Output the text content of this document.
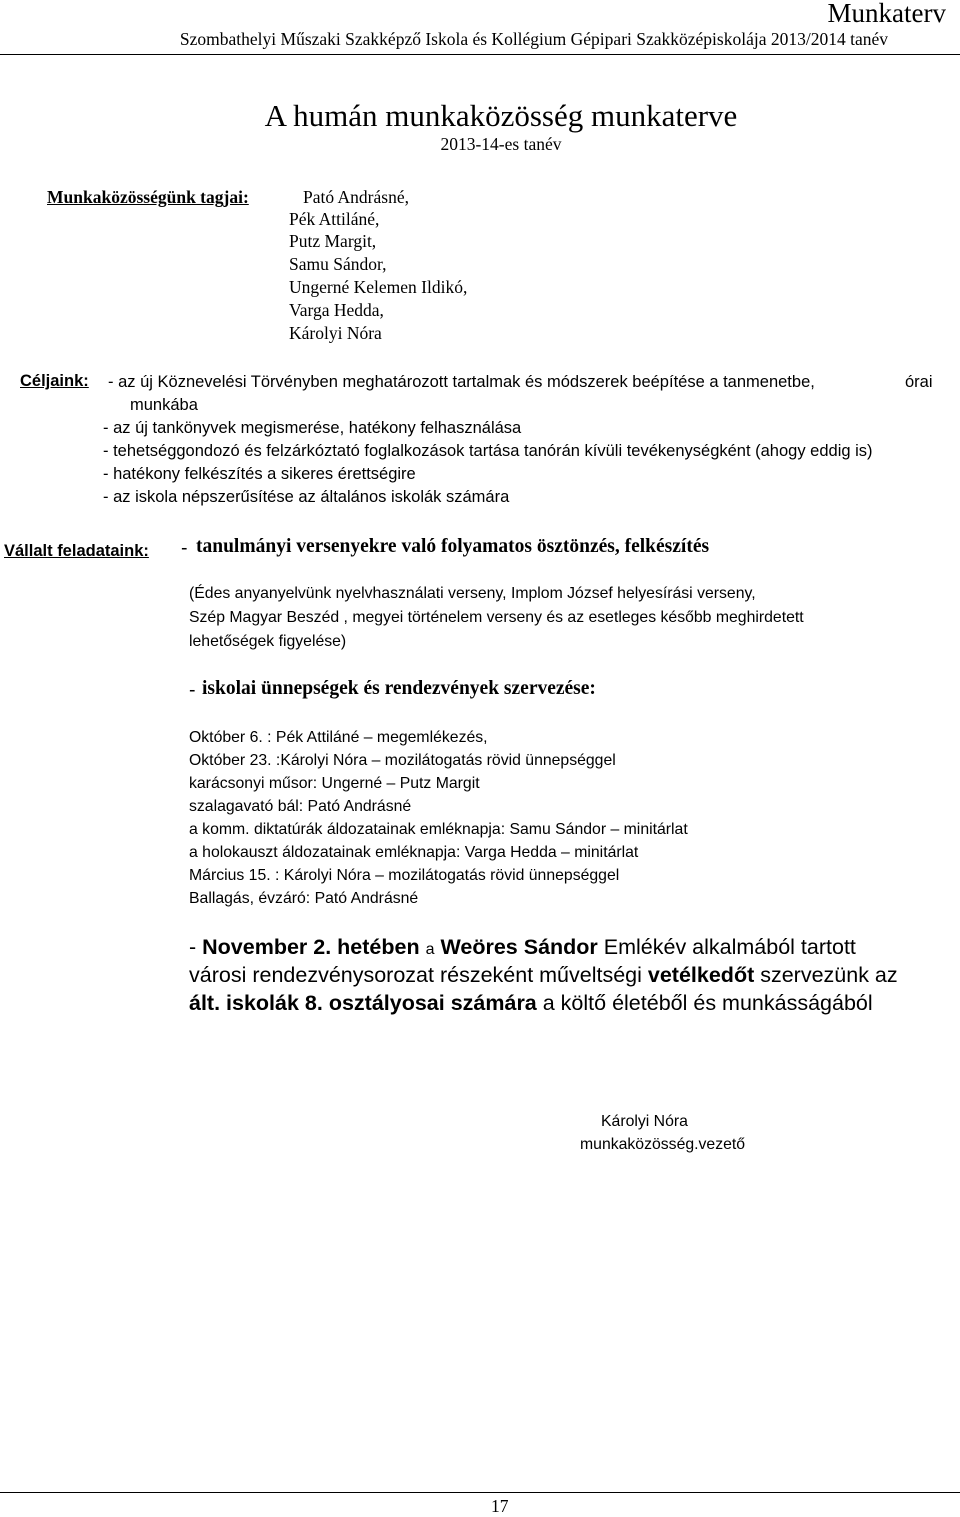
Munkaterv
Szombathelyi Műszaki Szakképző Iskola és Kollégium Gépipari Szakközépiskolája 2013/2014 tanév
A humán munkaközösség munkaterve
2013-14-es tanév
Munkaközösségünk tagjai:	Pató Andrásné,
Pék Attiláné,
Putz Margit,
Samu Sándor,
Ungerné Kelemen Ildikó,
Varga Hedda,
Károlyi Nóra
Céljaink: - az új Köznevelési Törvényben meghatározott tartalmak és módszerek beépítése a tanmenetbe,	órai
munkába
- az új tankönyvek megismerése, hatékony felhasználása
- tehetséggondozó és felzárkóztató foglalkozások tartása tanórán kívüli tevékenységként (ahogy eddig is)
- hatékony felkészítés a sikeres érettségire
- az iskola népszerűsítése az általános iskolák számára
Vállalt feladataink: - tanulmányi versenyekre való folyamatos ösztönzés, felkészítés
(Édes anyanyelvünk nyelvhasználati verseny, Implom József helyesírási verseny,
Szép Magyar Beszéd , megyei történelem verseny és az esetleges később meghirdetett
lehetőségek figyelése)
- iskolai ünnepségek és rendezvények szervezése:
Október 6. : Pék Attiláné – megemlékezés,
Október 23. :Károlyi Nóra – mozilátogatás rövid ünnepséggel
karácsonyi műsor: Ungerné – Putz Margit
szalagavató bál: Pató Andrásné
a komm. diktatúrák áldozatainak emléknapja: Samu Sándor – minitárlat
a holokauszt áldozatainak emléknapja: Varga Hedda – minitárlat
Március 15. : Károlyi Nóra – mozilátogatás rövid ünnepséggel
Ballagás, évzáró: Pató Andrásné
- November 2. hetében a Weöres Sándor Emlékév alkalmából tartott
városi rendezvénysorozat részeként műveltségi vetélkedőt szervezünk az
ált. iskolák 8. osztályosai számára a költő életéből és munkásságából
Károlyi Nóra
munkaközösség.vezető
17
